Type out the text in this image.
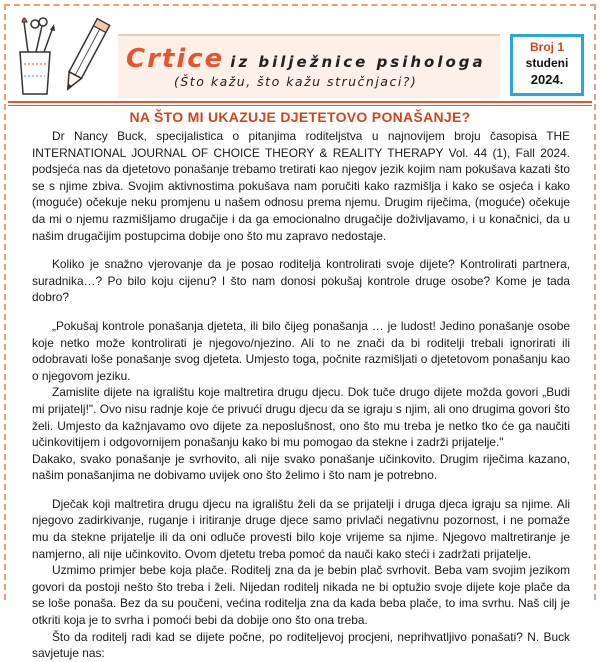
Crtice iz bilježnice psihologa
(Što kažu, što kažu stručnjaci?)
Broj 1
studeni
2024.
NA ŠTO MI UKAZUJE DJETETOVO PONAŠANJE?

Dr Nancy Buck, specijalistica o pitanjima roditeljstva u najnovijem broju časopisa THE INTERNATIONAL JOURNAL OF CHOICE THEORY & REALITY THERAPY Vol. 44 (1), Fall 2024. podsjeća nas da djetetovo ponašanje trebamo tretirati kao njegov jezik kojim nam pokušava kazati što se s njime zbiva. Svojim aktivnostima pokušava nam poručiti kako razmišlja i kako se osjeća i kako (moguće) očekuje neku promjenu u našem odnosu prema njemu. Drugim riječima, (moguće) očekuje da mi o njemu razmišljamo drugačije i da ga emocionalno drugačije doživljavamo, i u konačnici, da u našim drugačijim postupcima dobije ono što mu zapravo nedostaje.

Koliko je snažno vjerovanje da je posao roditelja kontrolirati svoje dijete? Kontrolirati partnera, suradnika…? Po bilo koju cijenu? I što nam donosi pokušaj kontrole druge osobe? Kome je tada dobro?

„Pokušaj kontrole ponašanja djeteta, ili bilo čijeg ponašanja … je ludost! Jedino ponašanje osobe koje netko može kontrolirati je njegovo/njezino. Ali to ne znači da bi roditelji trebali ignorirati ili odobravati loše ponašanje svog djeteta. Umjesto toga, počnite razmišljati o djetetovom ponašanju kao o njegovom jeziku.

Zamislite dijete na igralištu koje maltretira drugu djecu. Dok tuče drugo dijete možda govori „Budi mi prijatelj!". Ovo nisu radnje koje će privući drugu djecu da se igraju s njim, ali ono drugima govori što želi. Umjesto da kažnjavamo ovo dijete za neposlušnost, ono što mu treba je netko tko će ga naučiti učinkovitijem i odgovornijem ponašanju kako bi mu pomogao da stekne i zadrži prijatelje."

Dakako, svako ponašanje je svrhovito, ali nije svako ponašanje učinkovito. Drugim riječima kazano, našim ponašanjima ne dobivamo uvijek ono što želimo i što nam je potrebno.

Dječak koji maltretira drugu djecu na igralištu želi da se prijatelji i druga djeca igraju sa njime. Ali njegovo zadirkivanje, ruganje i iritiranje druge djece samo privlači negativnu pozornost, i ne pomaže mu da stekne prijatelje ili da oni odluče provesti bilo koje vrijeme sa njime. Njegovo maltretiranje je namjerno, ali nije učinkovito. Ovom djetetu treba pomoć da nauči kako steći i zadržati prijatelje.

Uzmimo primjer bebe koja plače. Roditelj zna da je bebin plač svrhovit. Beba vam svojim jezikom govori da postoji nešto što treba i želi. Nijedan roditelj nikada ne bi optužio svoje dijete koje plače da se loše ponaša. Bez da su poučeni, većina roditelja zna da kada beba plače, to ima svrhu. Naš cilj je otkriti koja je to svrha i pomoći bebi da dobije ono što ona treba.

Što da roditelj radi kad se dijete počne, po roditeljevoj procjeni, neprihvatljivo ponašati? N. Buck savjetuje nas:
